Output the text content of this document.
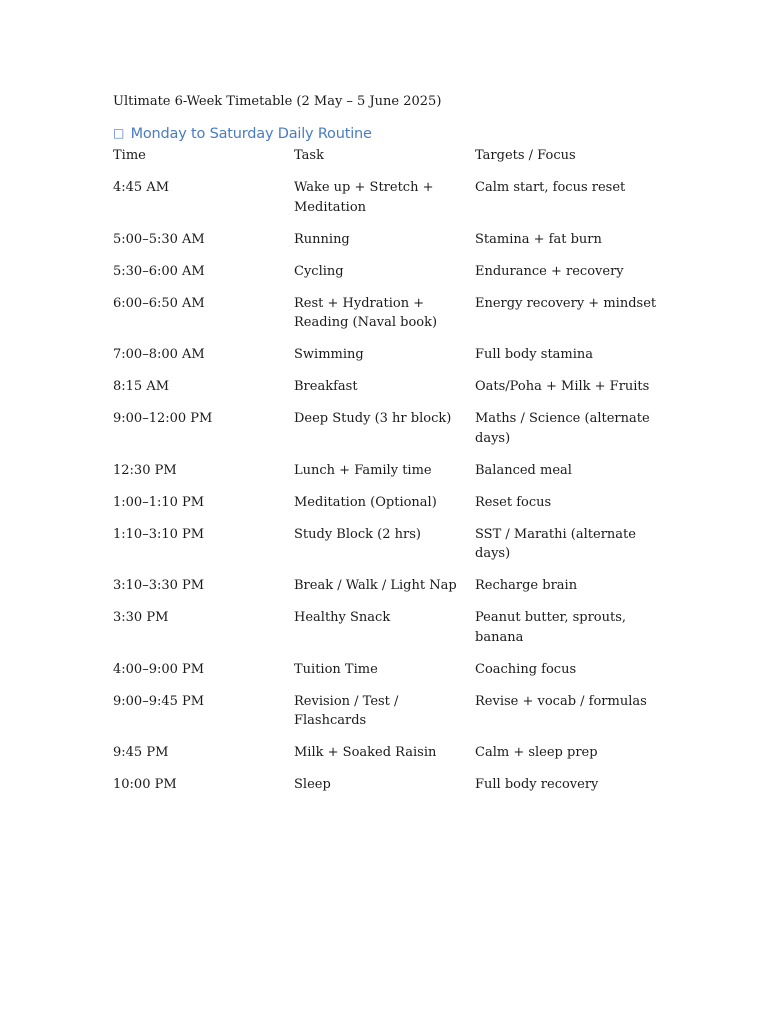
Ultimate 6-Week Timetable (2 May – 5 June 2025)

□ Monday to Saturday Daily Routine
Time	Task	Targets / Focus
4:45 AM	Wake up + Stretch + Meditation	Calm start, focus reset
5:00–5:30 AM	Running	Stamina + fat burn
5:30–6:00 AM	Cycling	Endurance + recovery
6:00–6:50 AM	Rest + Hydration + Reading (Naval book)	Energy recovery + mindset
7:00–8:00 AM	Swimming	Full body stamina
8:15 AM	Breakfast	Oats/Poha + Milk + Fruits
9:00–12:00 PM	Deep Study (3 hr block)	Maths / Science (alternate days)
12:30 PM	Lunch + Family time	Balanced meal
1:00–1:10 PM	Meditation (Optional)	Reset focus
1:10–3:10 PM	Study Block (2 hrs)	SST / Marathi (alternate days)
3:10–3:30 PM	Break / Walk / Light Nap	Recharge brain
3:30 PM	Healthy Snack	Peanut butter, sprouts, banana
4:00–9:00 PM	Tuition Time	Coaching focus
9:00–9:45 PM	Revision / Test / Flashcards	Revise + vocab / formulas
9:45 PM	Milk + Soaked Raisin	Calm + sleep prep
10:00 PM	Sleep	Full body recovery
